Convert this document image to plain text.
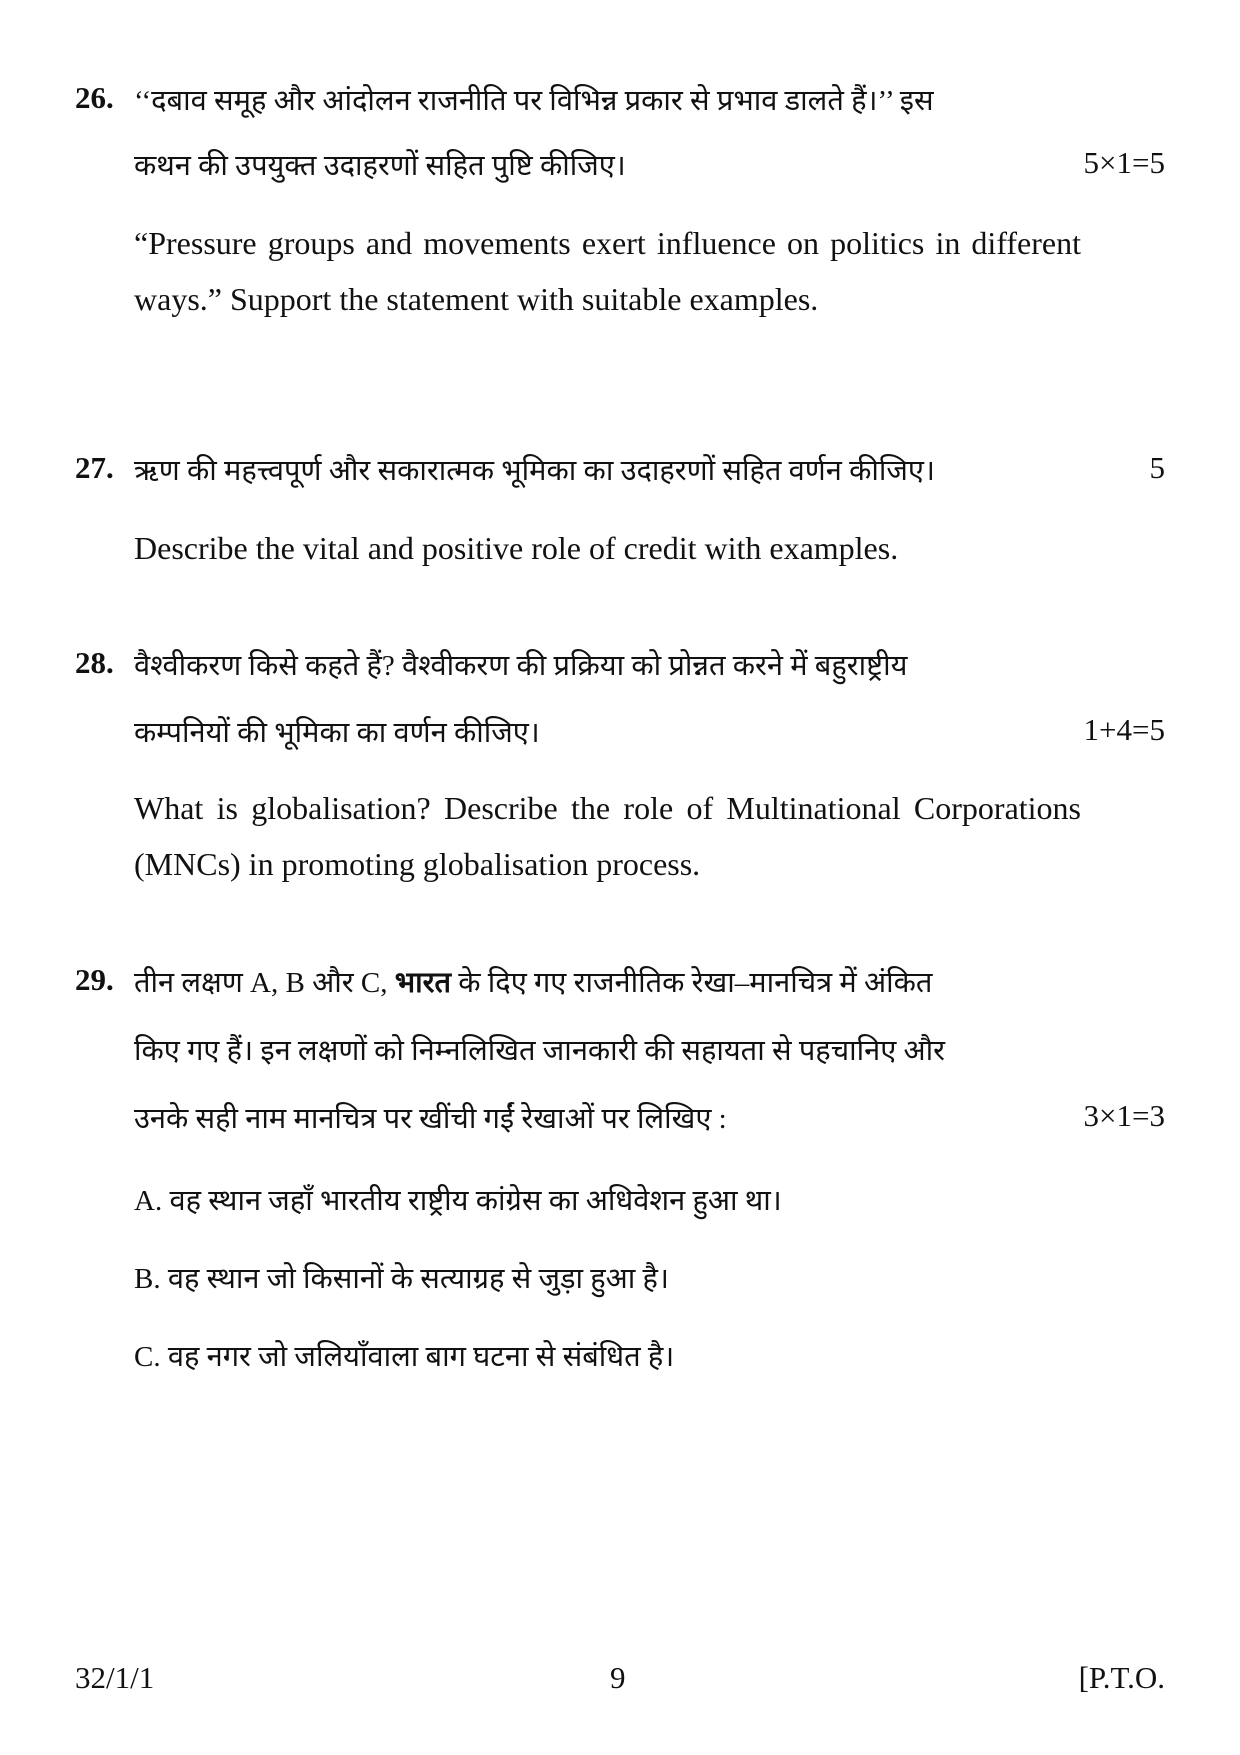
26. ‘‘दबाव समूह और आंदोलन राजनीति पर विभिन्न प्रकार से प्रभाव डालते हैं।’’ इस
कथन की उपयुक्त उदाहरणों सहित पुष्टि कीजिए।	5×1=5
“Pressure groups and movements exert influence on politics in different ways.” Support the statement with suitable examples.
27. ऋण की महत्त्वपूर्ण और सकारात्मक भूमिका का उदाहरणों सहित वर्णन कीजिए।	5
Describe the vital and positive role of credit with examples.
28. वैश्वीकरण किसे कहते हैं? वैश्वीकरण की प्रक्रिया को प्रोन्नत करने में बहुराष्ट्रीय
कम्पनियों की भूमिका का वर्णन कीजिए।	1+4=5
What is globalisation? Describe the role of Multinational Corporations (MNCs) in promoting globalisation process.
29. तीन लक्षण A, B और C, भारत के दिए गए राजनीतिक रेखा–मानचित्र में अंकित
किए गए हैं। इन लक्षणों को निम्नलिखित जानकारी की सहायता से पहचानिए और
उनके सही नाम मानचित्र पर खींची गईं रेखाओं पर लिखिए :	3×1=3
A. वह स्थान जहाँ भारतीय राष्ट्रीय कांग्रेस का अधिवेशन हुआ था।
B. वह स्थान जो किसानों के सत्याग्रह से जुड़ा हुआ है।
C. वह नगर जो जलियाँवाला बाग घटना से संबंधित है।
32/1/1	9	[P.T.O.
